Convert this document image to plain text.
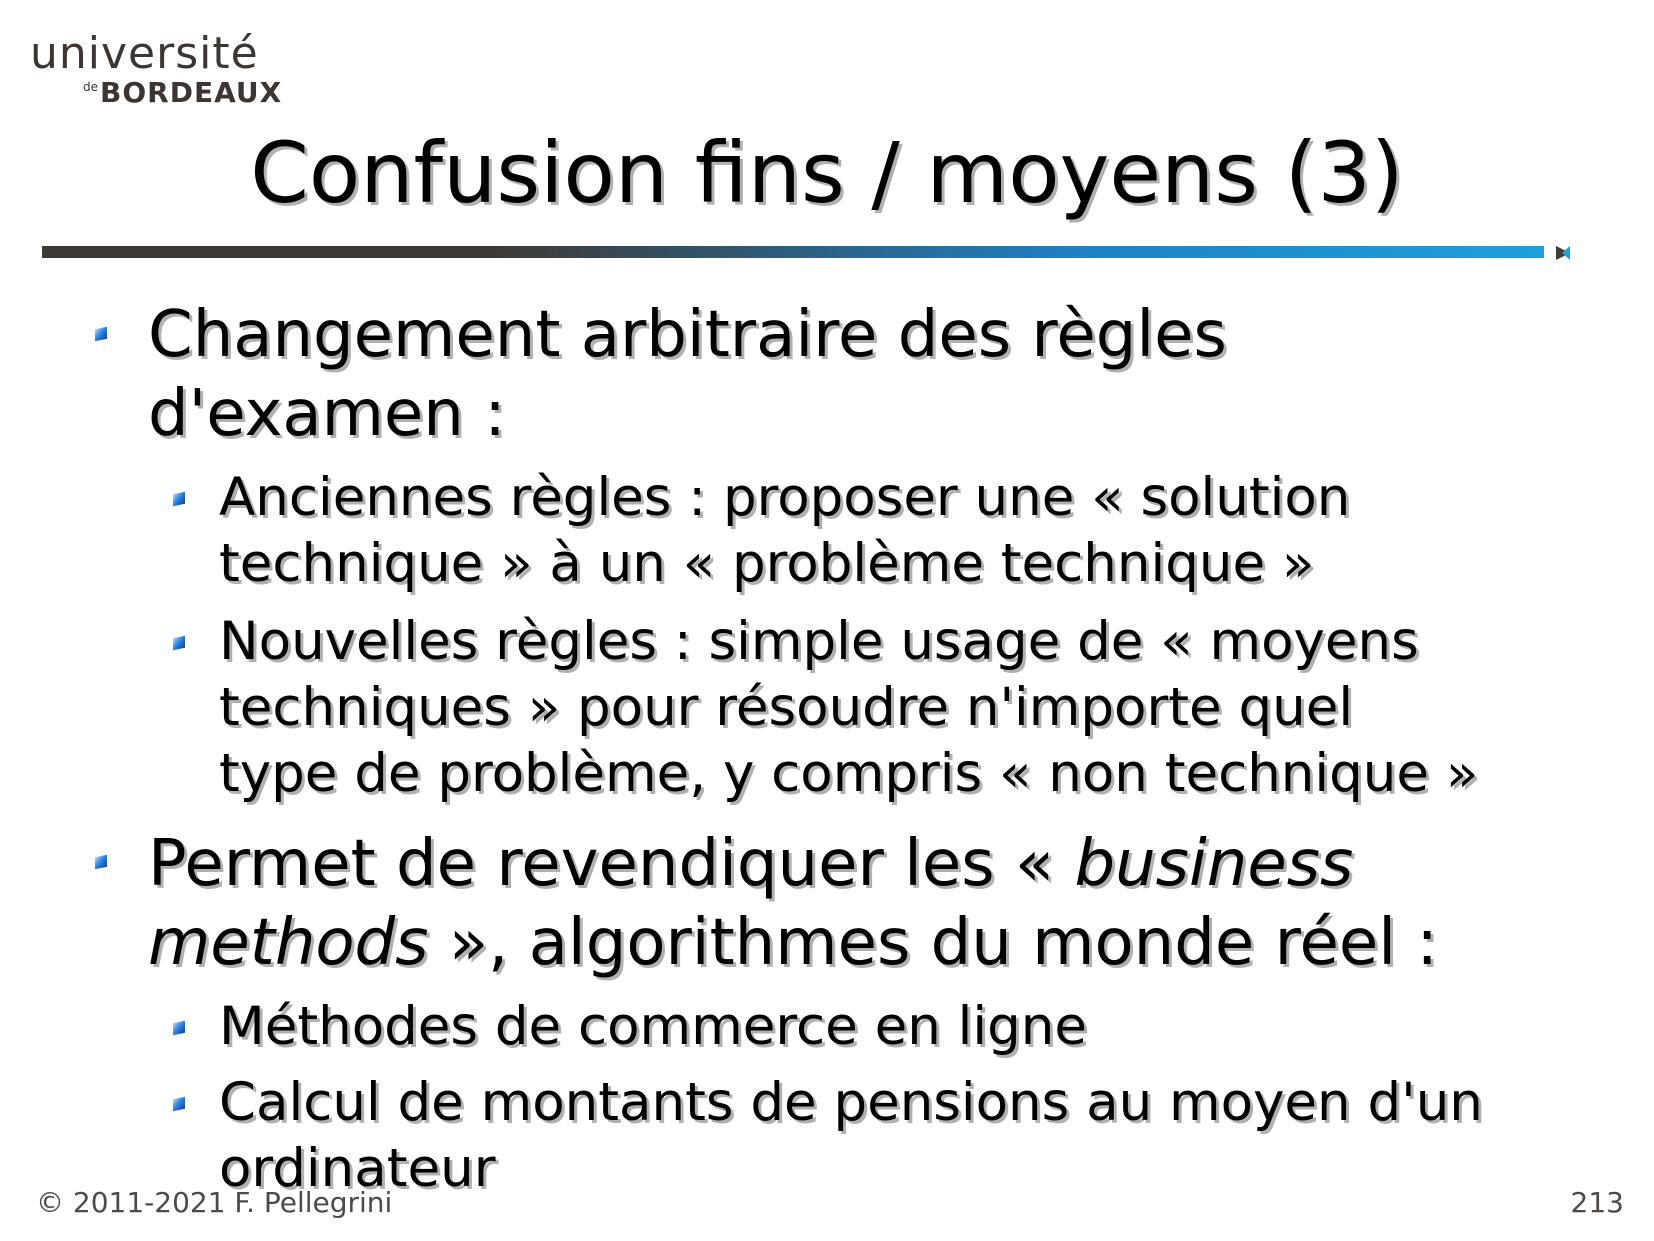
université
de BORDEAUX
Confusion fins / moyens (3)
Changement arbitraire des règles
d'examen :
Anciennes règles : proposer une « solution
technique » à un « problème technique »
Nouvelles règles : simple usage de « moyens
techniques » pour résoudre n'importe quel
type de problème, y compris « non technique »
Permet de revendiquer les « business
methods », algorithmes du monde réel :
Méthodes de commerce en ligne
Calcul de montants de pensions au moyen d'un
ordinateur
© 2011-2021 F. Pellegrini	213
